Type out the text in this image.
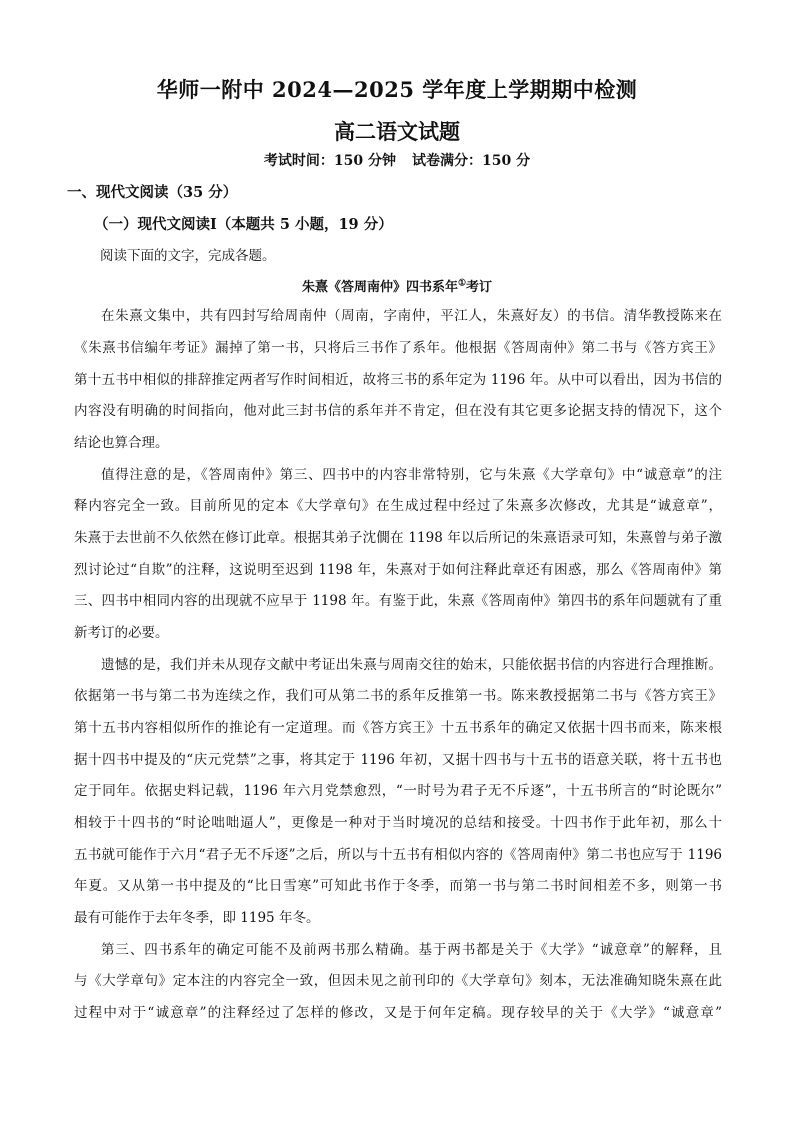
华师一附中 2024—2025 学年度上学期期中检测
高二语文试题
考试时间：150 分钟 试卷满分：150 分
一、现代文阅读（35 分）
（一）现代文阅读Ⅰ（本题共 5 小题，19 分）
阅读下面的文字，完成各题。
朱熹《答周南仲》四书系年①考订
在朱熹文集中，共有四封写给周南仲（周南，字南仲，平江人，朱熹好友）的书信。清华教授陈来在
《朱熹书信编年考证》漏掉了第一书，只将后三书作了系年。他根据《答周南仲》第二书与《答方宾王》
第十五书中相似的排辞推定两者写作时间相近，故将三书的系年定为 1196 年。从中可以看出，因为书信的
内容没有明确的时间指向，他对此三封书信的系年并不肯定，但在没有其它更多论据支持的情况下，这个
结论也算合理。
值得注意的是，《答周南仲》第三、四书中的内容非常特别，它与朱熹《大学章句》中“诚意章”的注
释内容完全一致。目前所见的定本《大学章句》在生成过程中经过了朱熹多次修改，尤其是“诚意章”，
朱熹于去世前不久依然在修订此章。根据其弟子沈僩在 1198 年以后所记的朱熹语录可知，朱熹曾与弟子激
烈讨论过“自欺”的注释，这说明至迟到 1198 年，朱熹对于如何注释此章还有困惑，那么《答周南仲》第
三、四书中相同内容的出现就不应早于 1198 年。有鉴于此，朱熹《答周南仲》第四书的系年问题就有了重
新考订的必要。
遗憾的是，我们并未从现存文献中考证出朱熹与周南交往的始末，只能依据书信的内容进行合理推断。
依据第一书与第二书为连续之作，我们可从第二书的系年反推第一书。陈来教授据第二书与《答方宾王》
第十五书内容相似所作的推论有一定道理。而《答方宾王》十五书系年的确定又依据十四书而来，陈来根
据十四书中提及的“庆元党禁”之事，将其定于 1196 年初，又据十四书与十五书的语意关联，将十五书也
定于同年。依据史料记载，1196 年六月党禁愈烈，“一时号为君子无不斥逐”，十五书所言的“时论既尔”
相较于十四书的“时论咄咄逼人”，更像是一种对于当时境况的总结和接受。十四书作于此年初，那么十
五书就可能作于六月“君子无不斥逐”之后，所以与十五书有相似内容的《答周南仲》第二书也应写于 1196
年夏。又从第一书中提及的“比日雪寒”可知此书作于冬季，而第一书与第二书时间相差不多，则第一书
最有可能作于去年冬季，即 1195 年冬。
第三、四书系年的确定可能不及前两书那么精确。基于两书都是关于《大学》“诚意章”的解释，且
与《大学章句》定本注的内容完全一致，但因未见之前刊印的《大学章句》刻本，无法准确知晓朱熹在此
过程中对于“诚意章”的注释经过了怎样的修改，又是于何年定稿。现存较早的关于《大学》“诚意章”
